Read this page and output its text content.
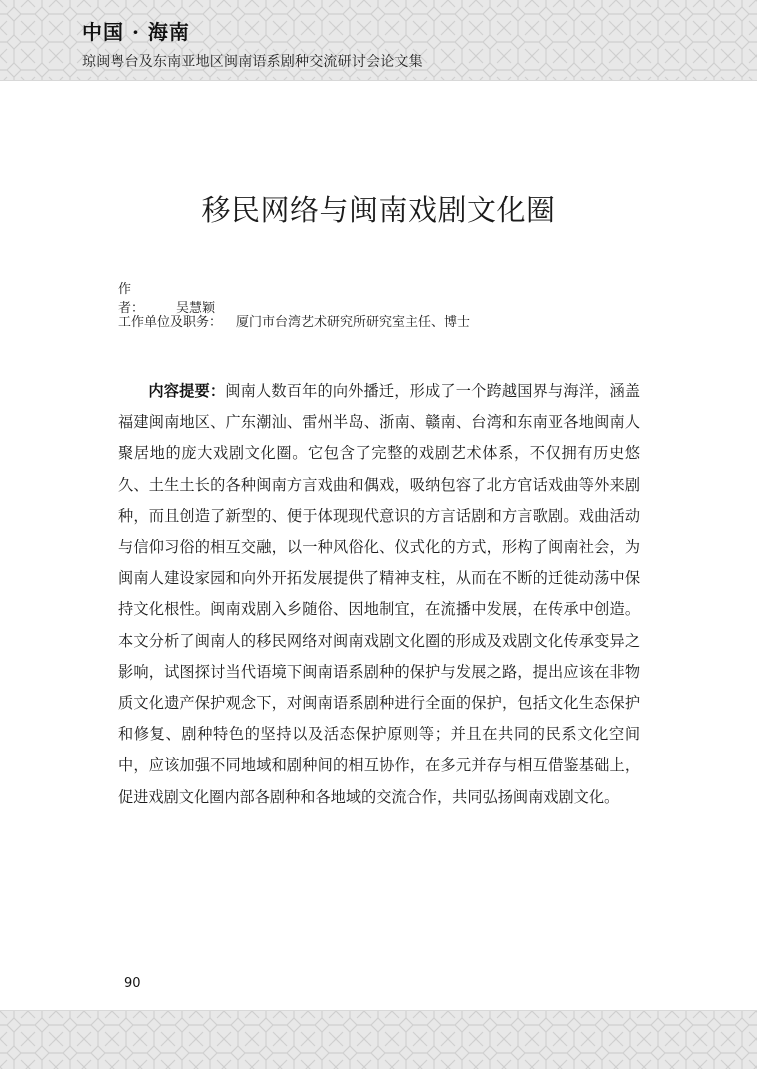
中国 · 海南
琼闽粤台及东南亚地区闽南语系剧种交流研讨会论文集
移民网络与闽南戏剧文化圈
作　　者： 吴慧颖
工作单位及职务： 厦门市台湾艺术研究所研究室主任、博士

内容提要：闽南人数百年的向外播迁，形成了一个跨越国界与海洋，涵盖福建闽南地区、广东潮汕、雷州半岛、浙南、赣南、台湾和东南亚各地闽南人聚居地的庞大戏剧文化圈。它包含了完整的戏剧艺术体系，不仅拥有历史悠久、土生土长的各种闽南方言戏曲和偶戏，吸纳包容了北方官话戏曲等外来剧种，而且创造了新型的、便于体现现代意识的方言话剧和方言歌剧。戏曲活动与信仰习俗的相互交融，以一种风俗化、仪式化的方式，形构了闽南社会，为闽南人建设家园和向外开拓发展提供了精神支柱，从而在不断的迁徙动荡中保持文化根性。闽南戏剧入乡随俗、因地制宜，在流播中发展，在传承中创造。本文分析了闽南人的移民网络对闽南戏剧文化圈的形成及戏剧文化传承变异之影响，试图探讨当代语境下闽南语系剧种的保护与发展之路，提出应该在非物质文化遗产保护观念下，对闽南语系剧种进行全面的保护，包括文化生态保护和修复、剧种特色的坚持以及活态保护原则等；并且在共同的民系文化空间中，应该加强不同地域和剧种间的相互协作，在多元并存与相互借鉴基础上，促进戏剧文化圈内部各剧种和各地域的交流合作，共同弘扬闽南戏剧文化。

90
